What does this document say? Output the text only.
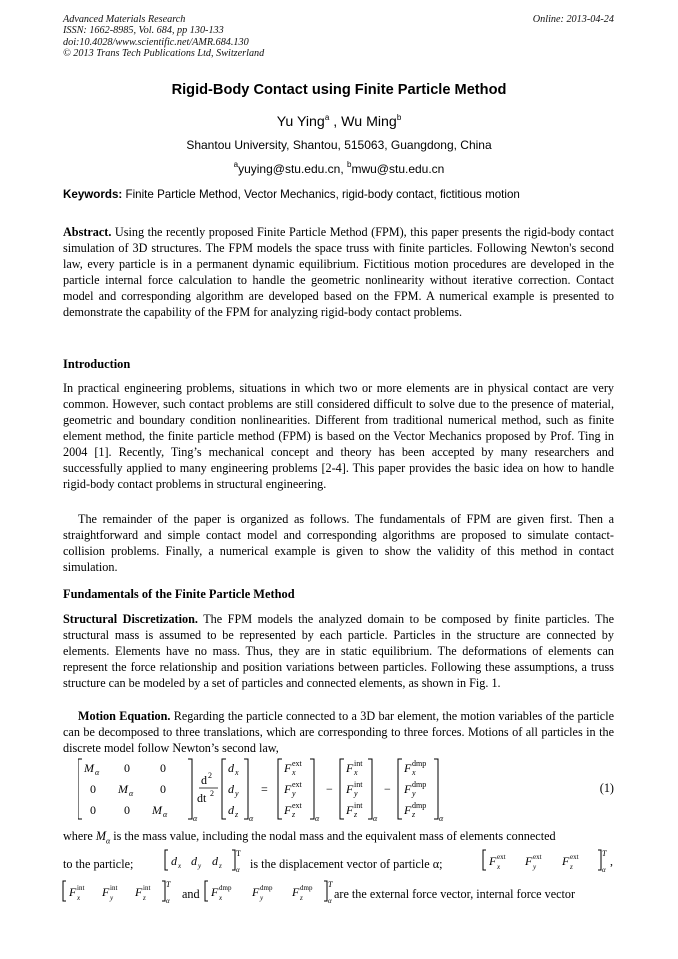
Advanced Materials Research
ISSN: 1662-8985, Vol. 684, pp 130-133
doi:10.4028/www.scientific.net/AMR.684.130
© 2013 Trans Tech Publications Ltd, Switzerland
Online: 2013-04-24
Rigid-Body Contact using Finite Particle Method
Yu Ying$^a$ , Wu Ming$^b$
Shantou University, Shantou, 515063, Guangdong, China
$^a$yuying@stu.edu.cn, $^b$mwu@stu.edu.cn
Keywords: Finite Particle Method, Vector Mechanics, rigid-body contact, fictitious motion
Abstract. Using the recently proposed Finite Particle Method (FPM), this paper presents the rigid-body contact simulation of 3D structures. The FPM models the space truss with finite particles. Following Newton's second law, every particle is in a permanent dynamic equilibrium. Fictitious motion procedures are developed in the particle internal force calculation to handle the geometric nonlinearity without iterative correction. Contact model and corresponding algorithm are developed based on the FPM. A numerical example is presented to demonstrate the capability of the FPM for analyzing rigid-body contact problems.
Introduction
In practical engineering problems, situations in which two or more elements are in physical contact are very common. However, such contact problems are still considered difficult to solve due to the presence of material, geometric and boundary condition nonlinearities. Different from traditional numerical method, such as finite element method, the finite particle method (FPM) is based on the Vector Mechanics proposed by Prof. Ting in 2004 [1]. Recently, Ting’s mechanical concept and theory has been accepted by many researchers and successfully applied to many engineering problems [2-4]. This paper provides the basic idea on how to handle rigid-body contact problems in structural engineering.
The remainder of the paper is organized as follows. The fundamentals of FPM are given first. Then a straightforward and simple contact model and corresponding algorithms are proposed to simulate contact-collision problems. Finally, a numerical example is given to show the validity of this method in contact simulation.
Fundamentals of the Finite Particle Method
Structural Discretization. The FPM models the analyzed domain to be composed by finite particles. The structural mass is assumed to be represented by each particle. Particles in the structure are connected by elements. Elements have no mass. Thus, they are in static equilibrium. The deformations of elements can represent the force relationship and position variations between particles. Following these assumptions, a truss structure can be modeled by a set of particles and connected elements, as shown in Fig. 1.
Motion Equation. Regarding the particle connected to a 3D bar element, the motion variables of the particle can be decomposed to three translations, which are corresponding to three forces. Motions of all particles in the discrete model follow Newton’s second law,
α
M α 0	0
0 M α 0
0 0 M α
d 2
dt 2
α
d x
d y
d z
=
α
F ext
x
F ext
y
F ext
z
−
α
F int
x
F int
y
F int
z
−
α
F dmp
x
F dmp
y
F dmp
z
(1)
where $M_\alpha$ is the mass value, including the nodal mass and the equivalent mass of elements connected
to the particle;	d x d y d z
T
α is the displacement vector of particle α;	F ext
x F ext
y F ext
z
T
α
,
F int
x F int
y F int
z
T
α and F dmp
x F dmp
y F dmp
z
T
α are the external force vector, internal force vector
